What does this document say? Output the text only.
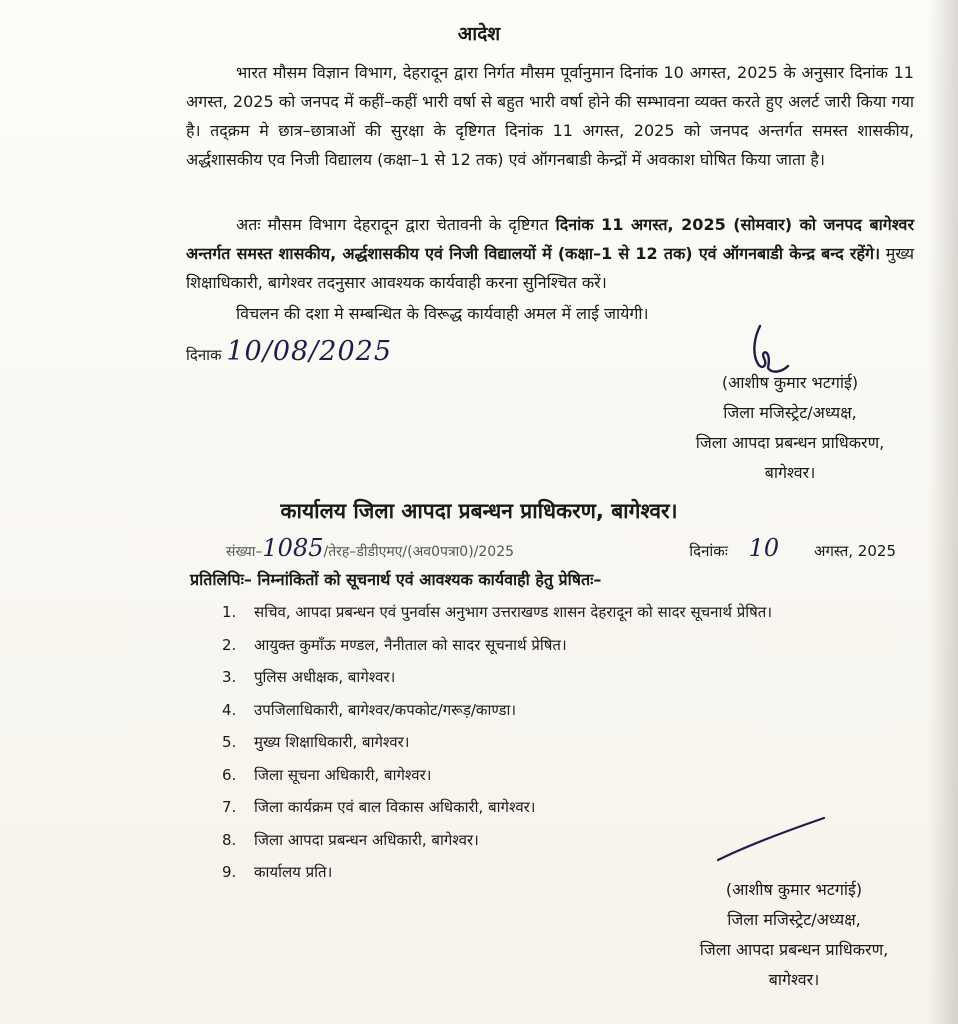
आदेश

भारत मौसम विज्ञान विभाग, देहरादून द्वारा निर्गत मौसम पूर्वानुमान दिनांक 10 अगस्त, 2025 के अनुसार दिनांक 11 अगस्त, 2025 को जनपद में कहीं–कहीं भारी वर्षा से बहुत भारी वर्षा होने की सम्भावना व्यक्त करते हुए अलर्ट जारी किया गया है। तद्क्रम मे छात्र–छात्राओं की सुरक्षा के दृष्टिगत दिनांक 11 अगस्त, 2025 को जनपद अन्तर्गत समस्त शासकीय, अर्द्धशासकीय एव निजी विद्यालय (कक्षा–1 से 12 तक) एवं ऑगनबाडी केन्द्रों में अवकाश घोषित किया जाता है।

अतः मौसम विभाग देहरादून द्वारा चेतावनी के दृष्टिगत दिनांक 11 अगस्त, 2025 (सोमवार) को जनपद बागेश्वर अन्तर्गत समस्त शासकीय, अर्द्धशासकीय एवं निजी विद्यालयों में (कक्षा–1 से 12 तक) एवं ऑगनबाडी केन्द्र बन्द रहेंगे। मुख्य शिक्षाधिकारी, बागेश्वर तदनुसार आवश्यक कार्यवाही करना सुनिश्चित करें।

विचलन की दशा मे सम्बन्धित के विरूद्ध कार्यवाही अमल में लाई जायेगी।

दिनाक 10/08/2025
(आशीष कुमार भटगांई)
जिला मजिस्ट्रेट/अध्यक्ष,
जिला आपदा प्रबन्धन प्राधिकरण,
बागेश्वर।
कार्यालय जिला आपदा प्रबन्धन प्राधिकरण, बागेश्वर।
संख्या–1085/तेरह–डीडीएमए/(अव0पत्रा0)/2025	दिनांकः 10 अगस्त, 2025
प्रतिलिपिः– निम्नांकितों को सूचनार्थ एवं आवश्यक कार्यवाही हेतु प्रेषितः–
1.	सचिव, आपदा प्रबन्धन एवं पुनर्वास अनुभाग उत्तराखण्ड शासन देहरादून को सादर सूचनार्थ प्रेषित।
2.	आयुक्त कुमाँऊ मण्डल, नैनीताल को सादर सूचनार्थ प्रेषित।
3.	पुलिस अधीक्षक, बागेश्वर।
4.	उपजिलाधिकारी, बागेश्वर/कपकोट/गरूड़/काण्डा।
5.	मुख्य शिक्षाधिकारी, बागेश्वर।
6.	जिला सूचना अधिकारी, बागेश्वर।
7.	जिला कार्यक्रम एवं बाल विकास अधिकारी, बागेश्वर।
8.	जिला आपदा प्रबन्धन अधिकारी, बागेश्वर।
9.	कार्यालय प्रति।
(आशीष कुमार भटगांई)
जिला मजिस्ट्रेट/अध्यक्ष,
जिला आपदा प्रबन्धन प्राधिकरण,
बागेश्वर।
